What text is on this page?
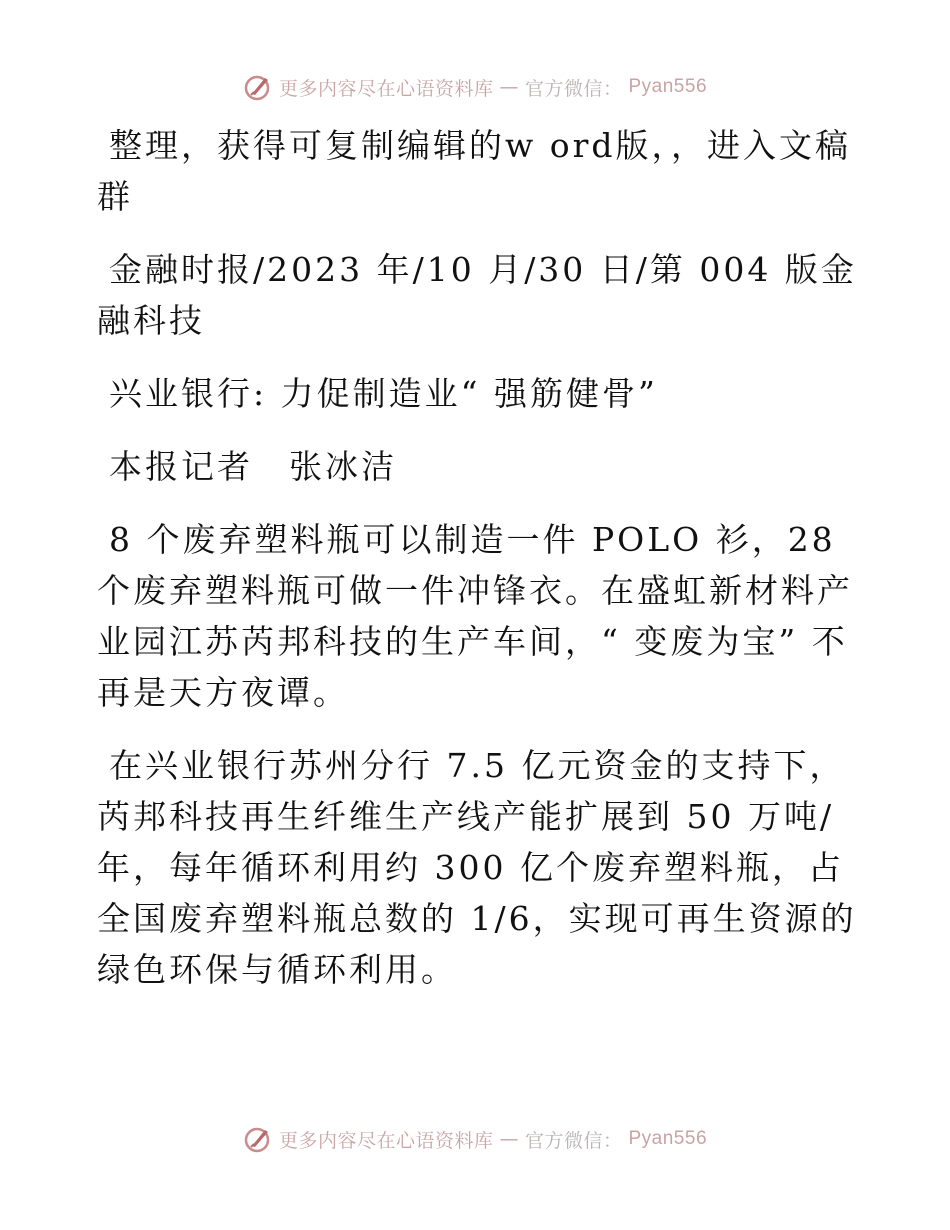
更多内容尽在心语资料库 — 官方微信： Pyan556

整理，获得可复制编辑的w ord版，，进入文稿群

金融时报/2023 年/10 月/30 日/第 004 版金融科技

兴业银行: 力促制造业“ 强筋健骨”

本报记者　张冰洁

8 个废弃塑料瓶可以制造一件 POLO 衫，28 个废弃塑料瓶可做一件冲锋衣。在盛虹新材料产业园江苏芮邦科技的生产车间，“ 变废为宝” 不再是天方夜谭。

在兴业银行苏州分行 7.5 亿元资金的支持下，芮邦科技再生纤维生产线产能扩展到 50 万吨/年，每年循环利用约 300 亿个废弃塑料瓶，占全国废弃塑料瓶总数的 1/6，实现可再生资源的绿色环保与循环利用。

更多内容尽在心语资料库 — 官方微信： Pyan556
